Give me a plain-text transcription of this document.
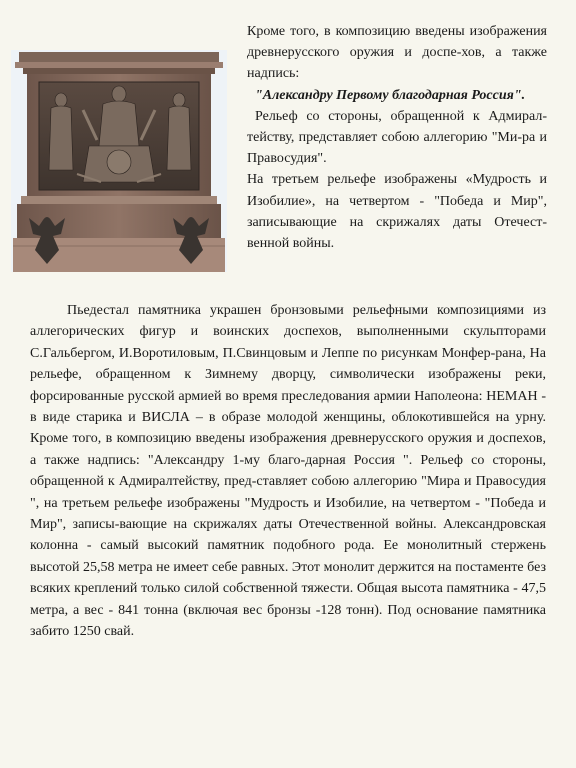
Кроме того, в композицию введены изображения древнерусского оружия и доспе-хов, а также надпись:

"Александру Первому благодарная Россия".

Рельеф со стороны, обращенной к Адмирал-тейству, представляет собою аллегорию "Ми-ра и Правосудия".

На третьем рельефе изображены «Мудрость и Изобилие», на четвертом - "Победа и Мир", записывающие на скрижалях даты Отечест-венной войны.

Пьедестал памятника украшен бронзовыми рельефными композициями из аллегорических фигур и воинских доспехов, выполненными скульпторами С.Гальбергом, И.Воротиловым, П.Свинцовым и Леппе по рисункам Монфер-рана, На рельефе, обращенном к Зимнему дворцу, символически изображены реки, форсированные русской армией во время преследования армии Наполеона: НЕМАН - в виде старика и ВИСЛА – в образе молодой женщины, облокотившейся на урну. Кроме того, в композицию введены изображения древнерусского оружия и доспехов, а также надпись: "Александру 1-му благо-дарная Россия ". Рельеф со стороны, обращенной к Адмиралтейству, пред-ставляет собою аллегорию "Мира и Правосудия ", на третьем рельефе изображены "Мудрость и Изобилие, на четвертом - "Победа и Мир", записы-вающие на скрижалях даты Отечественной войны. Александровская колонна - самый высокий памятник подобного рода. Ее монолитный стержень высотой 25,58 метра не имеет себе равных. Этот монолит держится на постаменте без всяких креплений только силой собственной тяжести. Общая высота памятника - 47,5 метра, а вес - 841 тонна (включая вес бронзы -128 тонн). Под основание памятника забито 1250 свай.
